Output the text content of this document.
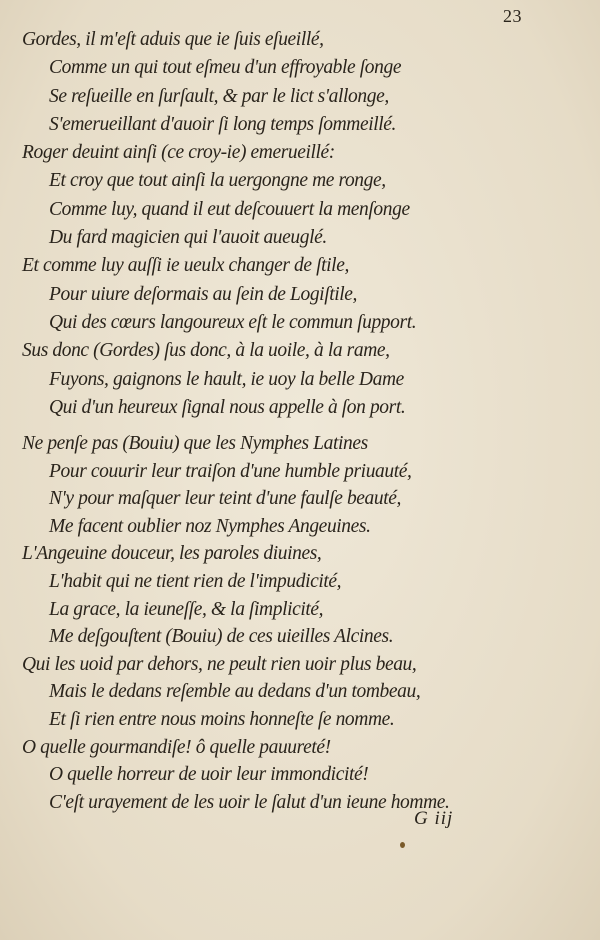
23
Gordes, il m'eſt aduis que ie ſuis eſueillé,
Comme un qui tout eſmeu d'un effroyable ſonge
Se reſueille en ſurſault, & par le lict s'allonge,
S'emerueillant d'auoir ſi long temps ſommeillé.
Roger deuint ainſi (ce croy-ie) emerueillé:
Et croy que tout ainſi la uergongne me ronge,
Comme luy, quand il eut deſcouuert la menſonge
Du fard magicien qui l'auoit aueuglé.
Et comme luy auſſi ie ueulx changer de ſtile,
Pour uiure deſormais au ſein de Logiſtile,
Qui des cœurs langoureux eſt le commun ſupport.
Sus donc (Gordes) ſus donc, à la uoile, à la rame,
Fuyons, gaignons le hault, ie uoy la belle Dame
Qui d'un heureux ſignal nous appelle à ſon port.
Ne penſe pas (Bouiu) que les Nymphes Latines
Pour couurir leur traiſon d'une humble priuauté,
N'y pour maſquer leur teint d'une faulſe beauté,
Me facent oublier noz Nymphes Angeuines.
L'Angeuine douceur, les paroles diuines,
L'habit qui ne tient rien de l'impudicité,
La grace, la ieuneſſe, & la ſimplicité,
Me deſgouſtent (Bouiu) de ces uieilles Alcines.
Qui les uoid par dehors, ne peult rien uoir plus beau,
Mais le dedans reſemble au dedans d'un tombeau,
Et ſi rien entre nous moins honneſte ſe nomme.
O quelle gourmandiſe! ô quelle pauureté!
O quelle horreur de uoir leur immondicité!
C'eſt urayement de les uoir le ſalut d'un ieune homme.
G iij
